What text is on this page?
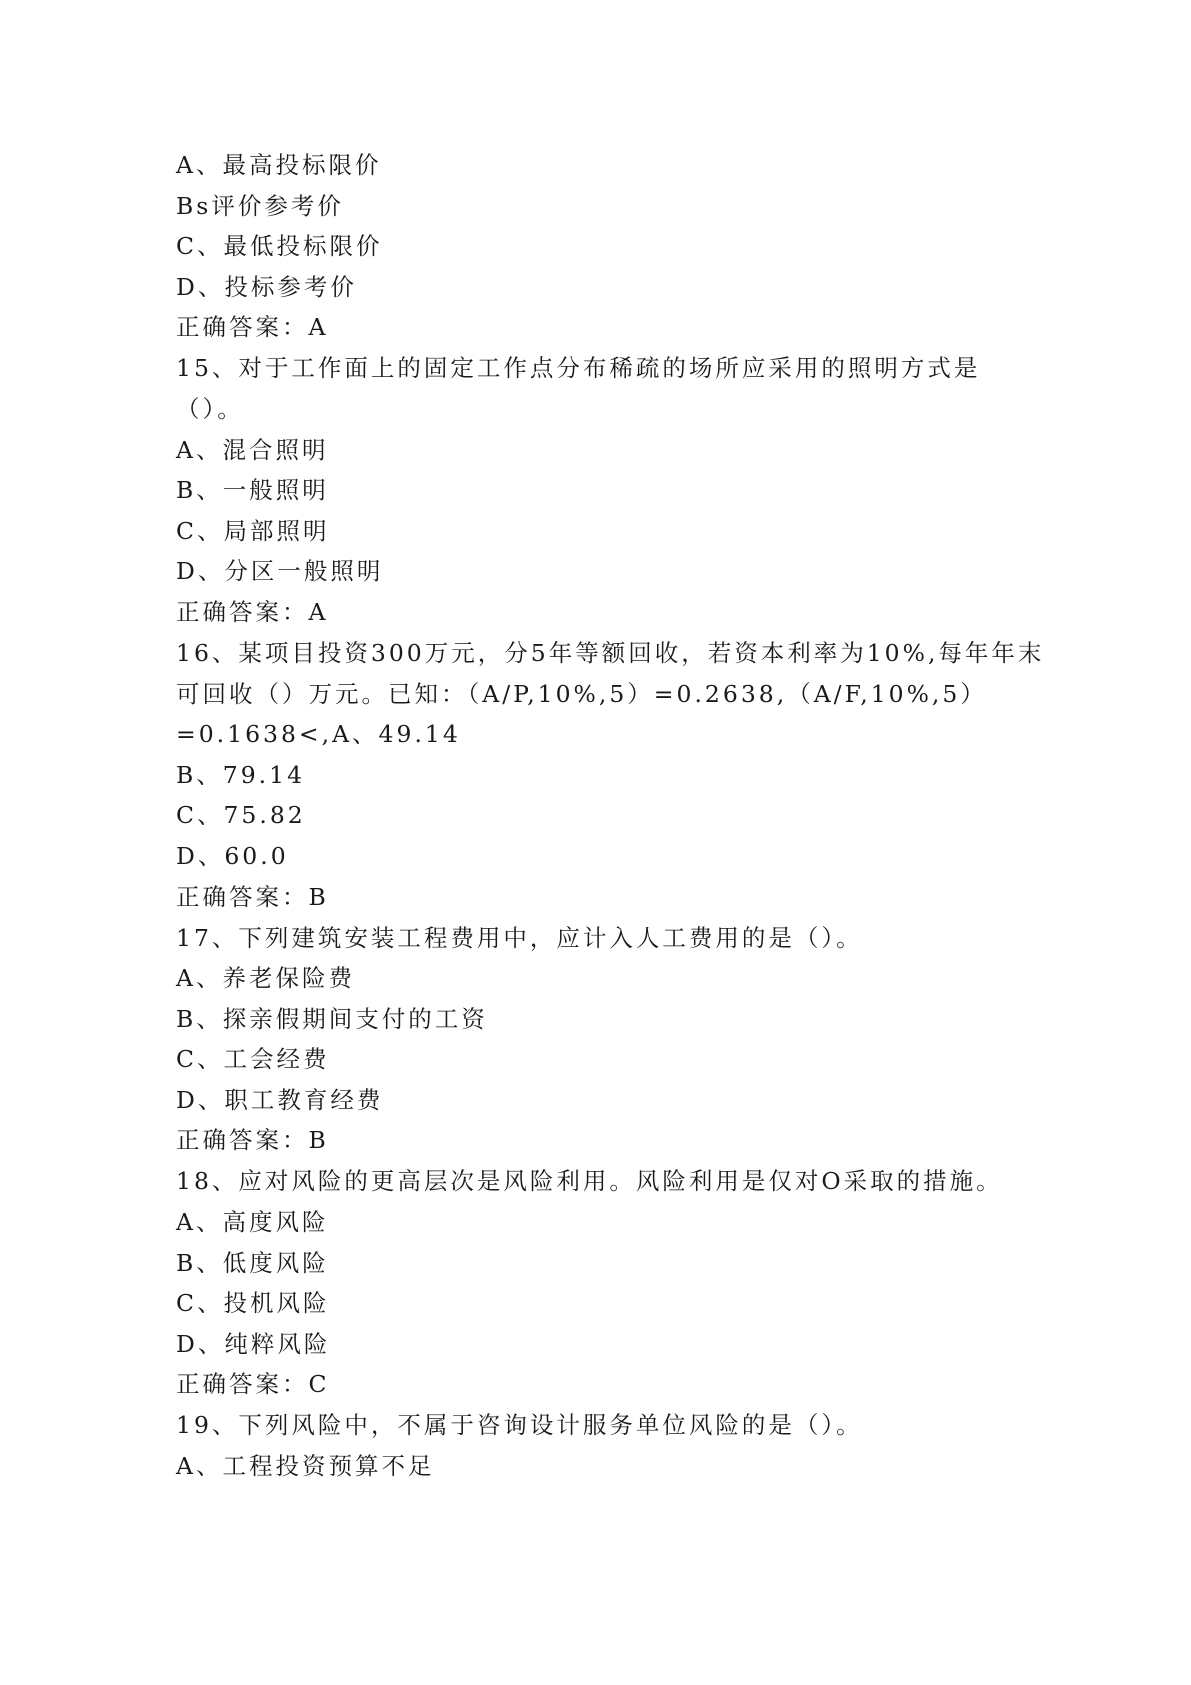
A、最高投标限价
Bs评价参考价
C、最低投标限价
D、投标参考价
正确答案：A
15、对于工作面上的固定工作点分布稀疏的场所应采用的照明方式是
（）。
A、混合照明
B、一般照明
C、局部照明
D、分区一般照明
正确答案：A
16、某项目投资300万元，分5年等额回收，若资本利率为10%,每年年末
可回收（）万元。已知：（A/P,10%,5）=0.2638,（A/F,10%,5）
=0.1638<,A、49.14
B、79.14
C、75.82
D、60.0
正确答案：B
17、下列建筑安装工程费用中，应计入人工费用的是（）。
A、养老保险费
B、探亲假期间支付的工资
C、工会经费
D、职工教育经费
正确答案：B
18、应对风险的更高层次是风险利用。风险利用是仅对O采取的措施。
A、高度风险
B、低度风险
C、投机风险
D、纯粹风险
正确答案：C
19、下列风险中，不属于咨询设计服务单位风险的是（）。
A、工程投资预算不足
